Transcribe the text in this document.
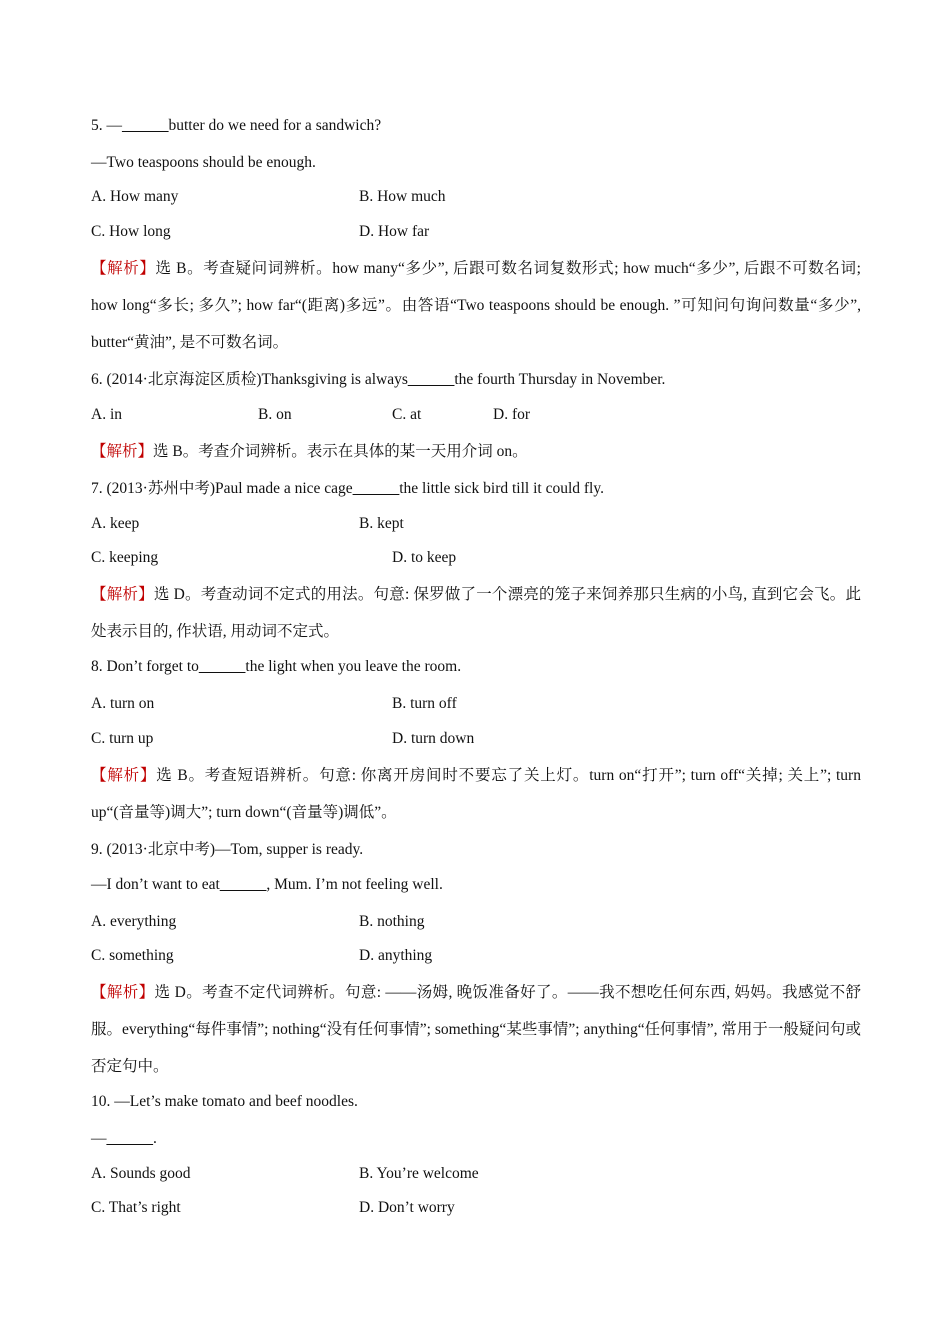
5. —______butter do we need for a sandwich?
—Two teaspoons should be enough.
A. How many	B. How much
C. How long	D. How far
【解析】选 B。考查疑问词辨析。how many“多少”, 后跟可数名词复数形式; how much“多少”, 后跟不可数名词; how long“多长; 多久”; how far“(距离)多远”。由答语“Two teaspoons should be enough. ”可知问句询问数量“多少”, butter“黄油”, 是不可数名词。
6. (2014·北京海淀区质检)Thanksgiving is always______the fourth Thursday in November.
A. in	B. on	C. at	D. for
【解析】选 B。考查介词辨析。表示在具体的某一天用介词 on。
7. (2013·苏州中考)Paul made a nice cage______the little sick bird till it could fly.
A. keep	B. kept
C. keeping	D. to keep
【解析】选 D。考查动词不定式的用法。句意: 保罗做了一个漂亮的笼子来饲养那只生病的小鸟, 直到它会飞。此处表示目的, 作状语, 用动词不定式。
8. Don’t forget to______the light when you leave the room.
A. turn on	B. turn off
C. turn up	D. turn down
【解析】选 B。考查短语辨析。句意: 你离开房间时不要忘了关上灯。turn on“打开”; turn off“关掉; 关上”; turn up“(音量等)调大”; turn down“(音量等)调低”。
9. (2013·北京中考)—Tom, supper is ready.
—I don’t want to eat______, Mum. I’m not feeling well.
A. everything	B. nothing
C. something	D. anything
【解析】选 D。考查不定代词辨析。句意: ——汤姆, 晚饭准备好了。——我不想吃任何东西, 妈妈。我感觉不舒服。everything“每件事情”; nothing“没有任何事情”; something“某些事情”; anything“任何事情”, 常用于一般疑问句或否定句中。
10. —Let’s make tomato and beef noodles.
—______.
A. Sounds good	B. You’re welcome
C. That’s right	D. Don’t worry
